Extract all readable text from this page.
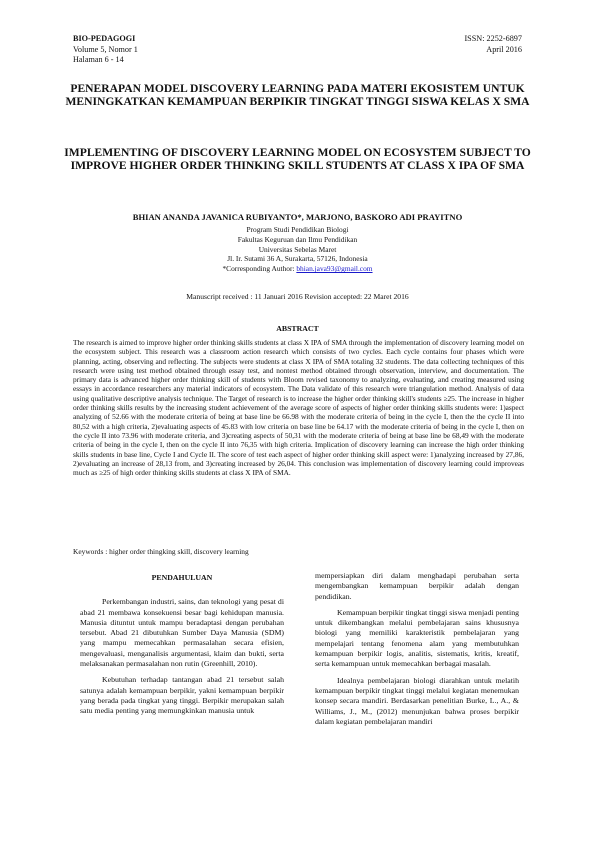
BIO-PEDAGOGI
Volume 5, Nomor 1
Halaman 6 - 14
ISSN: 2252-6897
April 2016
PENERAPAN MODEL DISCOVERY LEARNING PADA MATERI EKOSISTEM UNTUK MENINGKATKAN KEMAMPUAN BERPIKIR TINGKAT TINGGI SISWA KELAS X SMA
IMPLEMENTING OF DISCOVERY LEARNING MODEL ON ECOSYSTEM SUBJECT TO IMPROVE HIGHER ORDER THINKING SKILL STUDENTS AT CLASS X IPA OF SMA
BHIAN ANANDA JAVANICA RUBIYANTO*, MARJONO, BASKORO ADI PRAYITNO
Program Studi Pendidikan Biologi
Fakultas Keguruan dan Ilmu Pendidikan
Universitas Sebelas Maret
Jl. Ir. Sutami 36 A, Surakarta, 57126, Indonesia
*Corresponding Author: bhian.java93@gmail.com
Manuscript received : 11 Januari 2016 Revision accepted: 22 Maret 2016
ABSTRACT

The research is aimed to improve higher order thinking skills students at class X IPA of SMA through the implementation of discovery learning model on the ecosystem subject. This research was a classroom action research which consists of two cycles. Each cycle contains four phases which were planning, acting, observing and reflecting. The subjects were students at class X IPA of SMA totaling 32 students. The data collecting techniques of this research were using test method obtained through essay test, and nontest method obtained through observation, interview, and documentation. The primary data is advanced higher order thinking skill of students with Bloom revised taxonomy to analyzing, evaluating, and creating measured using essays in accordance researchers any material indicators of ecosystem. The Data validate of this research were triangulation method. Analysis of data using qualitative descriptive analysis technique. The Target of research is to increase the higher order thinking skill's students ≥25. The increase in higher order thinking skills results by the increasing student achievement of the average score of aspects of higher order thinking skills students were: 1)aspect analyzing of 52.66 with the moderate criteria of being at base line be 66.98 with the moderate criteria of being in the cycle I, then the the cycle II into 80,52 with a high criteria, 2)evaluating aspects of 45.83 with low criteria on base line be 64.17 with the moderate criteria of being in the cycle I, then on the cycle II into 73.96 with moderate criteria, and 3)creating aspects of 50,31 with the moderate criteria of being at base line be 68,49 with the moderate criteria of being in the cycle I, then on the cycle II into 76,35 with high criteria. Implication of discovery learning can increase the high order thinking skills students in base line, Cycle I and Cycle II. The score of test each aspect of higher order thinking skill aspect were: 1)analyzing increased by 27,86, 2)evaluating an increase of 28,13 from, and 3)creating increased by 26,04. This conclusion was implementation of discovery learning could improveas much as ≥25 of high order thinking skills students at class X IPA of SMA.

Keywords : higher order thingking skill, discovery learning
PENDAHULUAN

Perkembangan industri, sains, dan teknologi yang pesat di abad 21 membawa konsekuensi besar bagi kehidupan manusia. Manusia dituntut untuk mampu beradaptasi dengan perubahan tersebut. Abad 21 dibutuhkan Sumber Daya Manusia (SDM) yang mampu memecahkan permasalahan secara efisien, mengevaluasi, menganalisis argumentasi, klaim dan bukti, serta melaksanakan permasalahan non rutin (Greenhill, 2010).

Kebutuhan terhadap tantangan abad 21 tersebut salah satunya adalah kemampuan berpikir, yakni kemampuan berpikir yang berada pada tingkat yang tinggi. Berpikir merupakan salah satu media penting yang memungkinkan manusia untuk

mempersiapkan diri dalam menghadapi perubahan serta mengembangkan kemampuan berpikir adalah dengan pendidikan.

Kemampuan berpikir tingkat tinggi siswa menjadi penting untuk dikembangkan melalui pembelajaran sains khususnya biologi yang memiliki karakteristik pembelajaran yang mempelajari tentang fenomena alam yang membutuhkan kemampuan berpikir logis, analitis, sistematis, kritis, kreatif, serta kemampuan untuk memecahkan berbagai masalah.

Idealnya pembelajaran biologi diarahkan untuk melatih kemampuan berpikir tingkat tinggi melalui kegiatan menemukan konsep secara mandiri. Berdasarkan penelitian Burke, L., A., & Williams, J., M., (2012) menunjukan bahwa proses berpikir dalam kegiatan pembelajaran mandiri
